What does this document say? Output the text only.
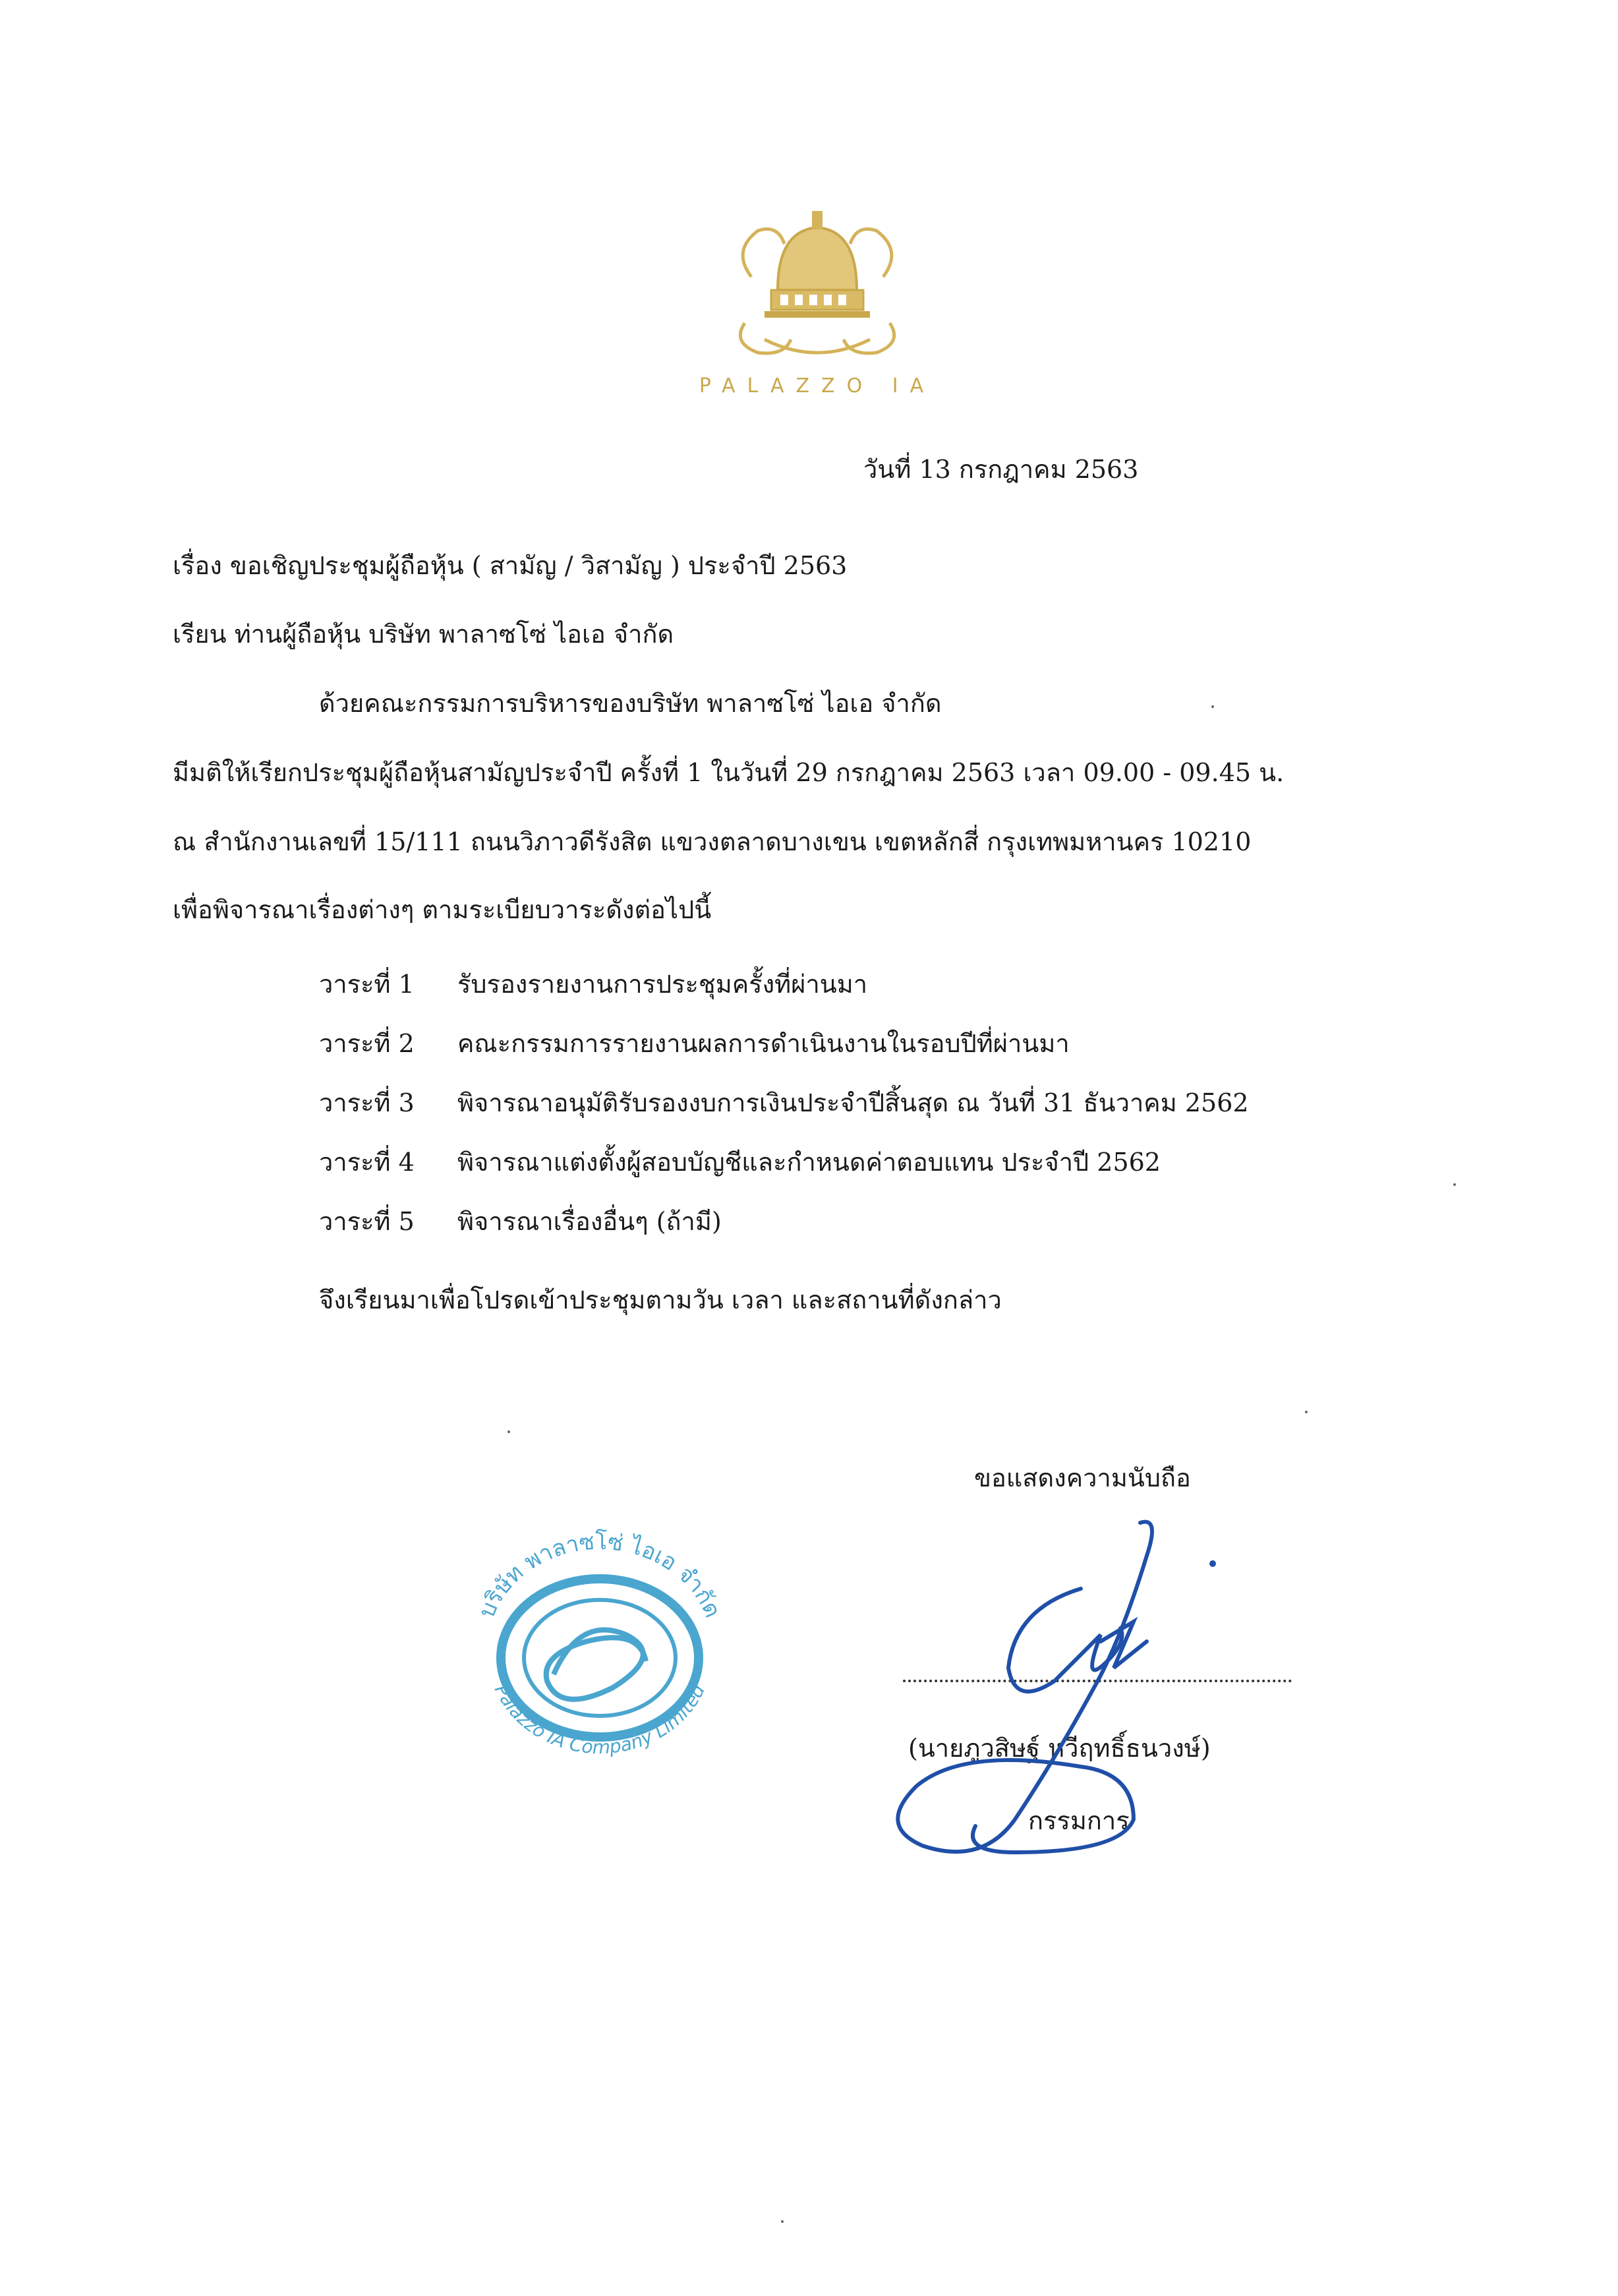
PALAZZO IA
วันที่ 13 กรกฎาคม 2563
เรื่อง ขอเชิญประชุมผู้ถือหุ้น ( สามัญ / วิสามัญ ) ประจำปี 2563
เรียน ท่านผู้ถือหุ้น บริษัท พาลาซโซ่ ไอเอ จำกัด
ด้วยคณะกรรมการบริหารของบริษัท พาลาซโซ่ ไอเอ จำกัด
มีมติให้เรียกประชุมผู้ถือหุ้นสามัญประจำปี ครั้งที่ 1 ในวันที่ 29 กรกฎาคม 2563 เวลา 09.00 - 09.45 น.
ณ สำนักงานเลขที่ 15/111 ถนนวิภาวดีรังสิต แขวงตลาดบางเขน เขตหลักสี่ กรุงเทพมหานคร 10210
เพื่อพิจารณาเรื่องต่างๆ ตามระเบียบวาระดังต่อไปนี้
วาระที่ 1 รับรองรายงานการประชุมครั้งที่ผ่านมา
วาระที่ 2 คณะกรรมการรายงานผลการดำเนินงานในรอบปีที่ผ่านมา
วาระที่ 3 พิจารณาอนุมัติรับรองงบการเงินประจำปีสิ้นสุด ณ วันที่ 31 ธันวาคม 2562
วาระที่ 4 พิจารณาแต่งตั้งผู้สอบบัญชีและกำหนดค่าตอบแทน ประจำปี 2562
วาระที่ 5 พิจารณาเรื่องอื่นๆ (ถ้ามี)
จึงเรียนมาเพื่อโปรดเข้าประชุมตามวัน เวลา และสถานที่ดังกล่าว
บริษัท พาลาซโซ่ ไอเอ จำกัด
Palazzo IA Company Limited
ขอแสดงความนับถือ
(นายภูวสิษฐ์ หวีฤทธิ์ธนวงษ์)
กรรมการ
